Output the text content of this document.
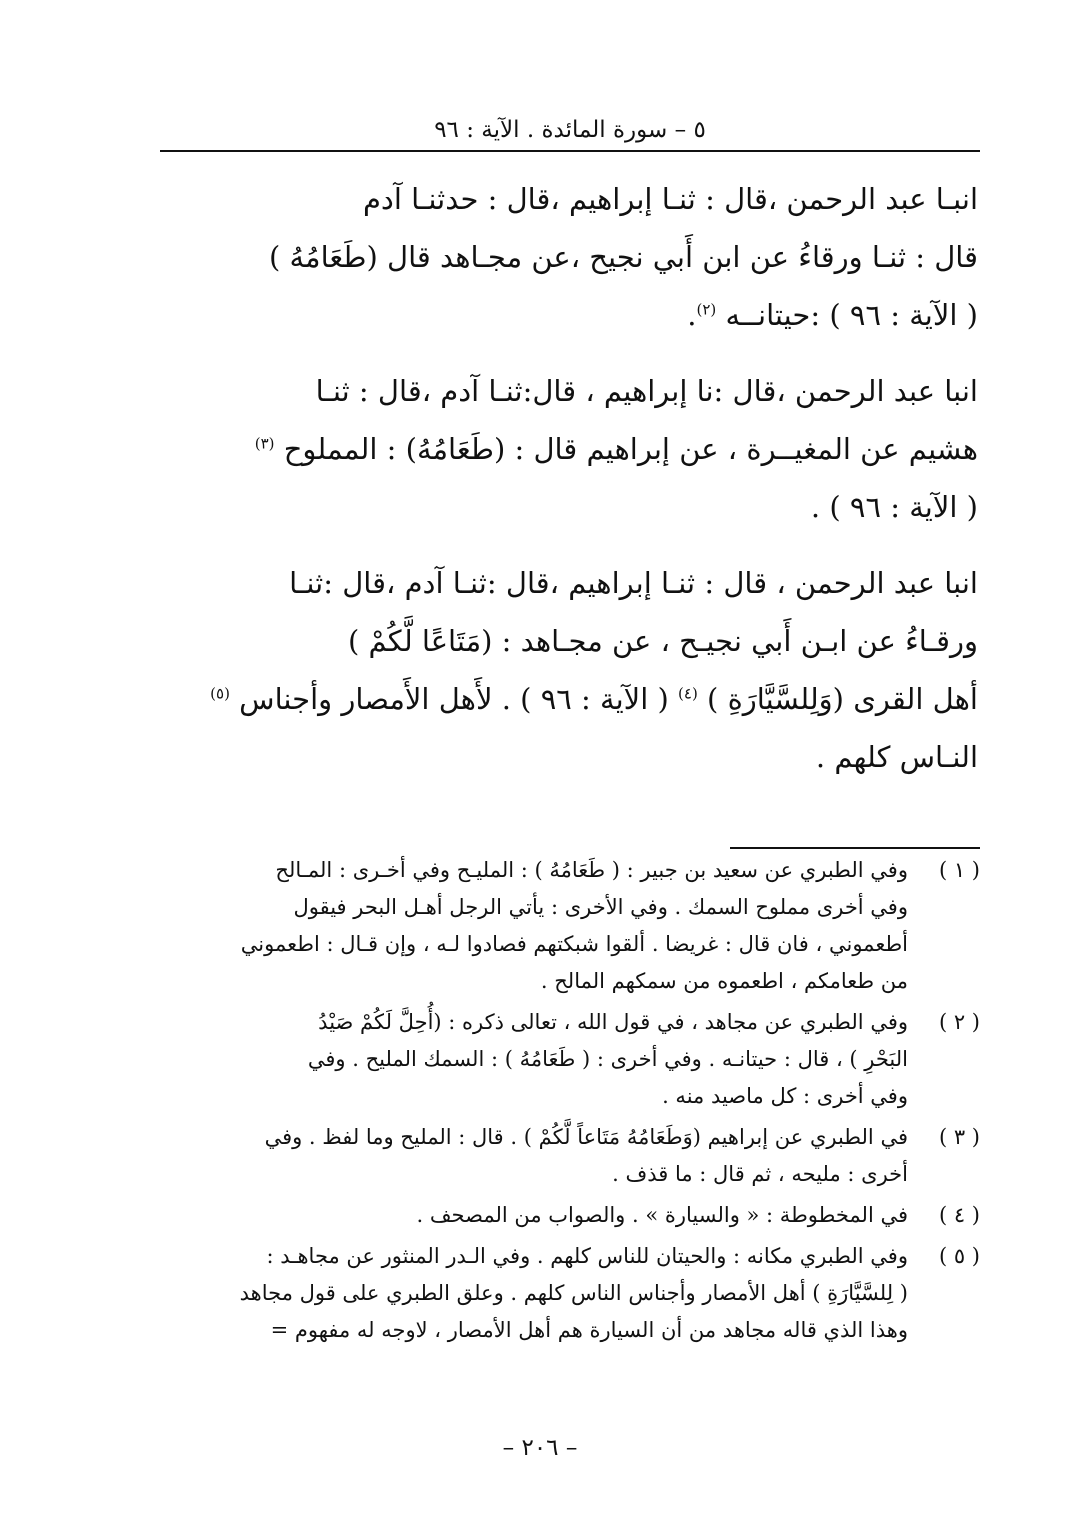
٥ – سورة المائدة . الآية : ٩٦
انبـا عبد الرحمن ،قال : ثنـا إبراهيم ،قال : حدثنـا آدم
قال : ثنـا ورقاءُ عن ابن أَبي نجيح ،عن مجـاهد قال (طَعَامُهُ )
( الآية : ٩٦ ) :حيتانــه $^{(٢)}$.
انبا عبد الرحمن ،قال :نا إبراهيم ، قال:ثنـا آدم ،قال : ثنـا
هشيم عن المغيــرة ، عن إبراهيم قال : (طَعَامُهُ) : المملوح $^{(٣)}$
( الآية : ٩٦ ) .
انبا عبد الرحمن ، قال : ثنـا إبراهيم ،قال :ثنـا آدم ،قال :ثنـا
ورقـاءُ عن ابـن أَبي نجيـح ، عن مجـاهد : (مَتَاعًا لَّكُمْ )
أهل القرى (وَلِلسَّيَّارَةِ ) $^{(٤)}$ ( الآية : ٩٦ ) . لأَهل الأَمصار وأجناس $^{(٥)}$
النـاس كلهم .
( ١ )
وفي الطبري عن سعيد بن جبير : ( طَعَامُهُ ) : المليـح وفي أخـرى : المـالح
وفي أخرى مملوح السمك . وفي الأخرى : يأتي الرجل أهـل البحر فيقول
أطعموني ، فان قال : غريضا . ألقوا شبكتهم فصادوا لـه ، وإن قـال : اطعموني
من طعامكم ، اطعموه من سمكهم المالح .
( ٢ )
وفي الطبري عن مجاهد ، في قول الله ، تعالى ذكره : (أُحِلَّ لَكُمْ صَيْدُ
البَحْرِ ) ، قال : حيتانـه . وفي أخرى : ( طَعَامُهُ ) : السمك المليح . وفي
وفي أخرى : كل ماصيد منه .
( ٣ )
في الطبري عن إبراهيم (وَطَعَامُهُ مَتَاعاً لَّكُمْ ) . قال : المليح وما لفظ . وفي
أخرى : مليحه ، ثم قال : ما قذف .
( ٤ )
في المخطوطة : « والسيارة » . والصواب من المصحف .
( ٥ )
وفي الطبري مكانه : والحيتان للناس كلهم . وفي الـدر المنثور عن مجاهـد :
( لِلسَّيَّارَةِ ) أهل الأمصار وأجناس الناس كلهم . وعلق الطبري على قول مجاهد
وهذا الذي قاله مجاهد من أن السيارة هم أهل الأمصار ، لاوجه له مفهوم =
– ٢٠٦ –
